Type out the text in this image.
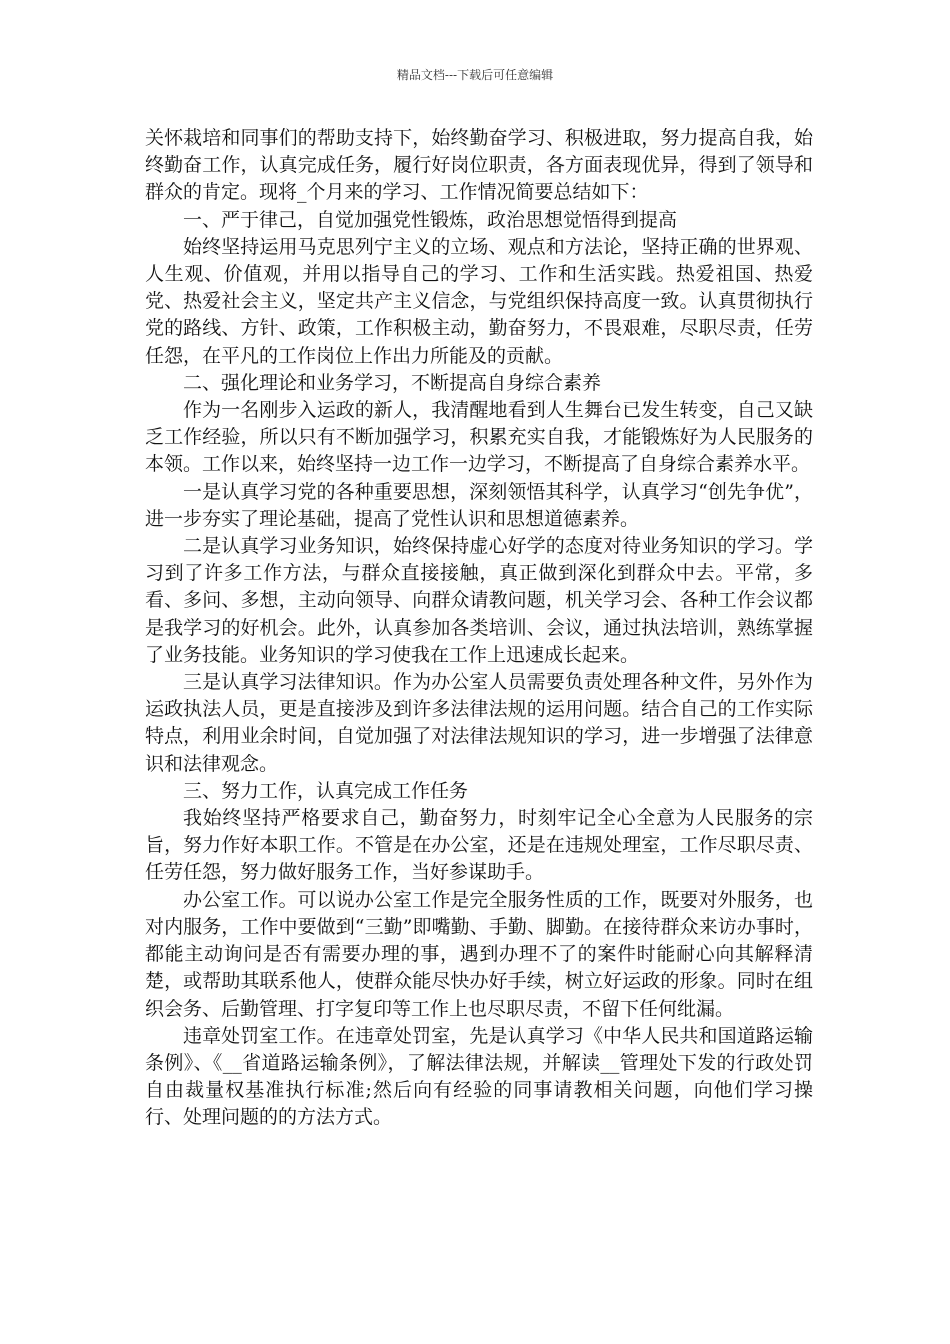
精品文档---下载后可任意编辑

关怀栽培和同事们的帮助支持下，始终勤奋学习、积极进取，努力提高自我，始终勤奋工作，认真完成任务，履行好岗位职责，各方面表现优异，得到了领导和群众的肯定。现将_个月来的学习、工作情况简要总结如下：

一、严于律己，自觉加强党性锻炼，政治思想觉悟得到提高

始终坚持运用马克思列宁主义的立场、观点和方法论，坚持正确的世界观、人生观、价值观，并用以指导自己的学习、工作和生活实践。热爱祖国、热爱党、热爱社会主义，坚定共产主义信念，与党组织保持高度一致。认真贯彻执行党的路线、方针、政策，工作积极主动，勤奋努力，不畏艰难，尽职尽责，任劳任怨，在平凡的工作岗位上作出力所能及的贡献。

二、强化理论和业务学习，不断提高自身综合素养

作为一名刚步入运政的新人，我清醒地看到人生舞台已发生转变，自己又缺乏工作经验，所以只有不断加强学习，积累充实自我，才能锻炼好为人民服务的本领。工作以来，始终坚持一边工作一边学习，不断提高了自身综合素养水平。

一是认真学习党的各种重要思想，深刻领悟其科学，认真学习“创先争优”，进一步夯实了理论基础，提高了党性认识和思想道德素养。

二是认真学习业务知识，始终保持虚心好学的态度对待业务知识的学习。学习到了许多工作方法，与群众直接接触，真正做到深化到群众中去。平常，多看、多问、多想，主动向领导、向群众请教问题，机关学习会、各种工作会议都是我学习的好机会。此外，认真参加各类培训、会议，通过执法培训，熟练掌握了业务技能。业务知识的学习使我在工作上迅速成长起来。

三是认真学习法律知识。作为办公室人员需要负责处理各种文件，另外作为运政执法人员，更是直接涉及到许多法律法规的运用问题。结合自己的工作实际特点，利用业余时间，自觉加强了对法律法规知识的学习，进一步增强了法律意识和法律观念。

三、努力工作，认真完成工作任务

我始终坚持严格要求自己，勤奋努力，时刻牢记全心全意为人民服务的宗旨，努力作好本职工作。不管是在办公室，还是在违规处理室，工作尽职尽责、任劳任怨，努力做好服务工作，当好参谋助手。

办公室工作。可以说办公室工作是完全服务性质的工作，既要对外服务，也对内服务，工作中要做到“三勤”即嘴勤、手勤、脚勤。在接待群众来访办事时，都能主动询问是否有需要办理的事，遇到办理不了的案件时能耐心向其解释清楚，或帮助其联系他人，使群众能尽快办好手续，树立好运政的形象。同时在组织会务、后勤管理、打字复印等工作上也尽职尽责，不留下任何纰漏。

违章处罚室工作。在违章处罚室，先是认真学习《中华人民共和国道路运输条例》、《__省道路运输条例》，了解法律法规，并解读__管理处下发的行政处罚自由裁量权基准执行标准;然后向有经验的同事请教相关问题，向他们学习操行、处理问题的的方法方式。
